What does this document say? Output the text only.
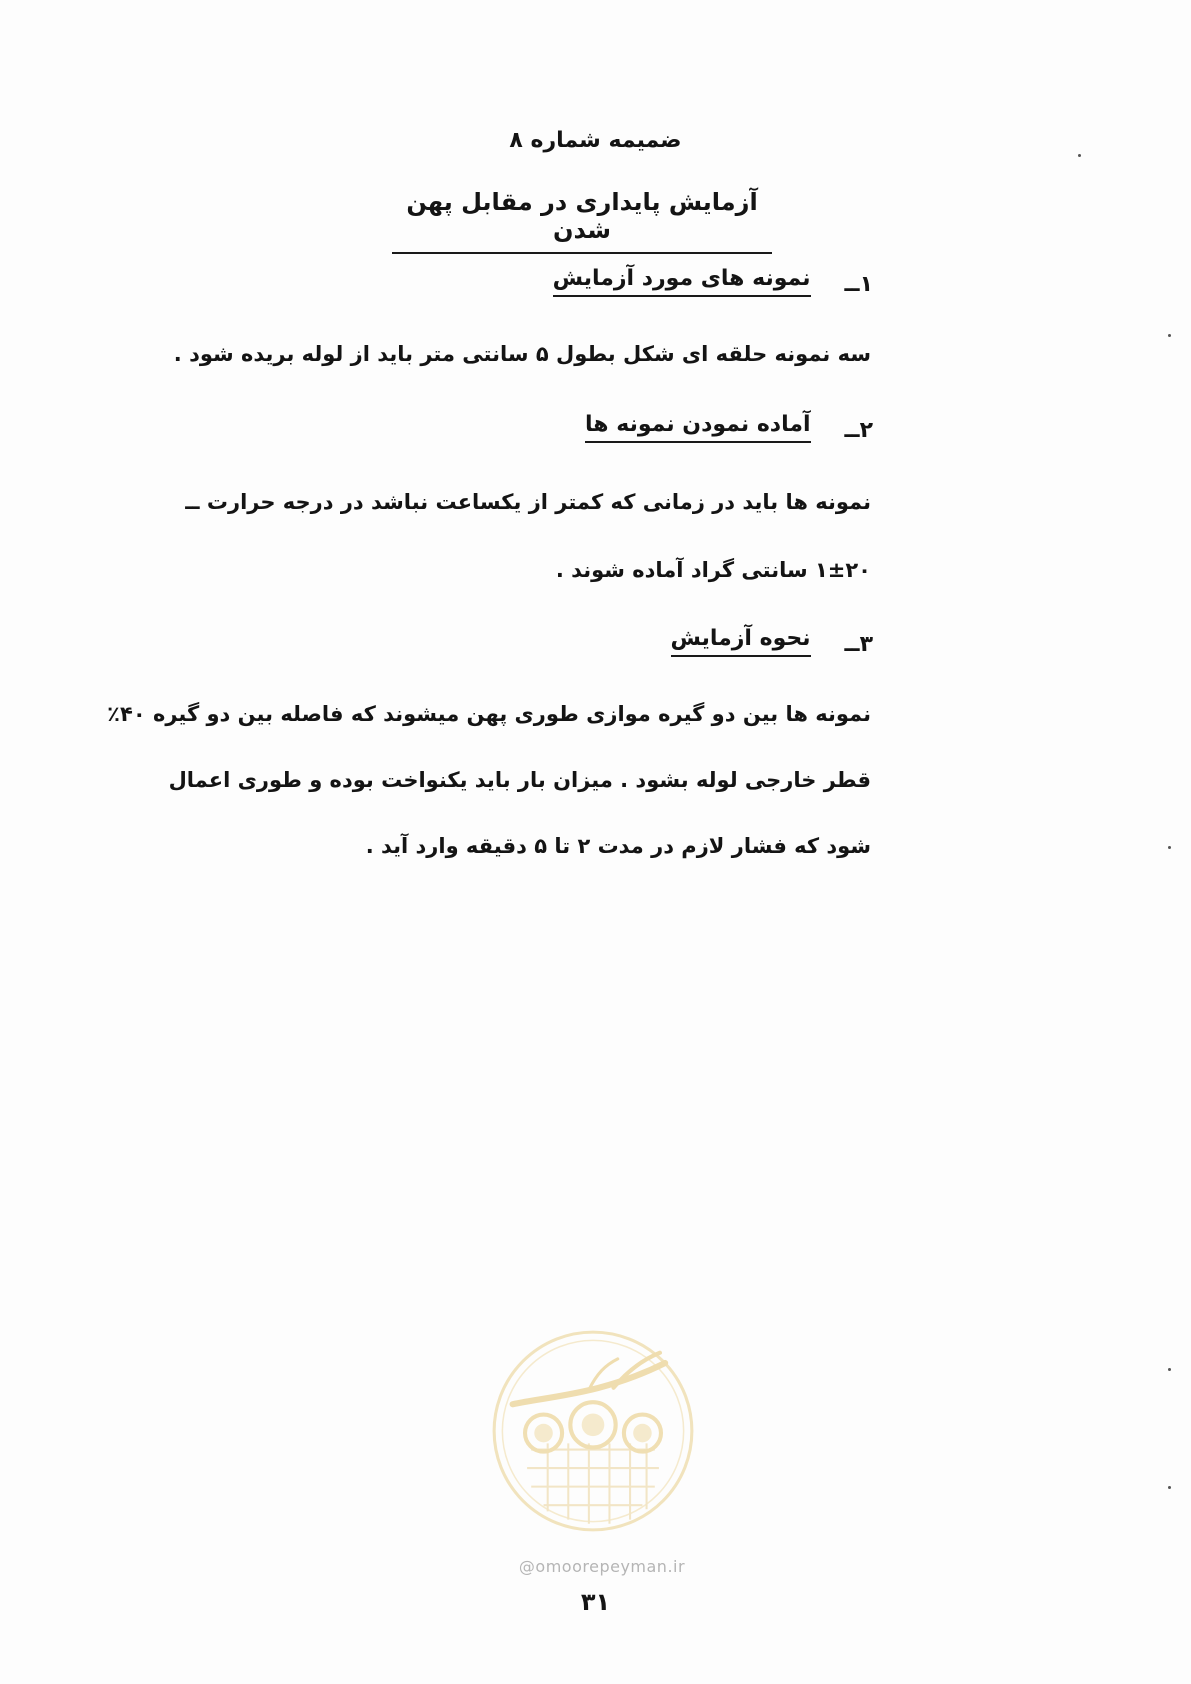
ضمیمه شماره ۸
آزمایش پایداری در مقابل پهن شدن
۱ــ
نمونه های مورد آزمایش
سه نمونه حلقه ای شکل بطول ۵ سانتی متر باید از لوله بریده شود .
۲ــ
آماده نمودن نمونه ها
نمونه ها باید در زمانی که کمتر از یکساعت نباشد در درجه حرارت ــ
۱±۲۰ سانتی گراد آماده شوند .
۳ــ
نحوه آزمایش
نمونه ها بین دو گیره موازی طوری پهن میشوند که فاصله بین دو گیره ۴۰٪
قطر خارجی لوله بشود . میزان بار باید یکنواخت بوده و طوری اعمال
شود که فشار لازم در مدت ۲ تا ۵ دقیقه وارد آید .
@omoorepeyman.ir
۳۱
